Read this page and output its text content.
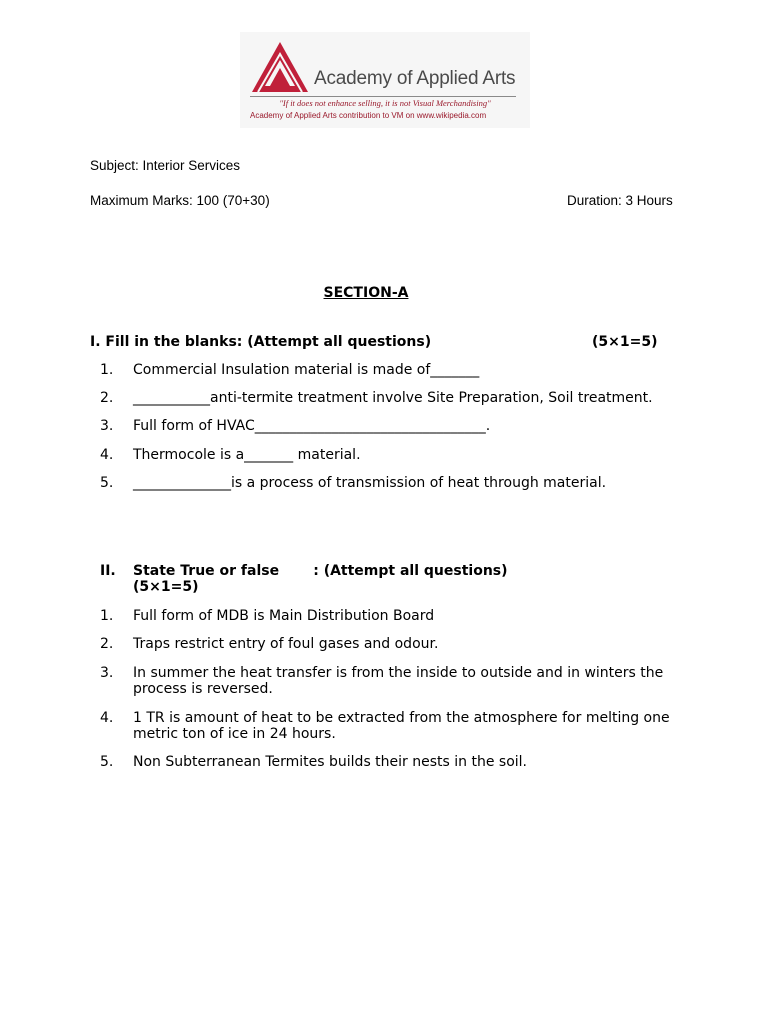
Academy of Applied Arts
"If it does not enhance selling, it is not Visual Merchandising"
Academy of Applied Arts contribution to VM on www.wikipedia.com
Subject: Interior Services
Maximum Marks: 100 (70+30)	Duration: 3 Hours
SECTION-A
I. Fill in the blanks: (Attempt all questions)	(5×1=5)
1. Commercial Insulation material is made of_______
2. ___________anti-termite treatment involve Site Preparation, Soil treatment.
3. Full form of HVAC_________________________________.
4. Thermocole is a_______ material.
5. ______________is a process of transmission of heat through material.
II. State True or false       : (Attempt all questions)
(5×1=5)
1. Full form of MDB is Main Distribution Board
2. Traps restrict entry of foul gases and odour.
3. In summer the heat transfer is from the inside to outside and in winters the process is reversed.
4. 1 TR is amount of heat to be extracted from the atmosphere for melting one metric ton of ice in 24 hours.
5. Non Subterranean Termites builds their nests in the soil.
